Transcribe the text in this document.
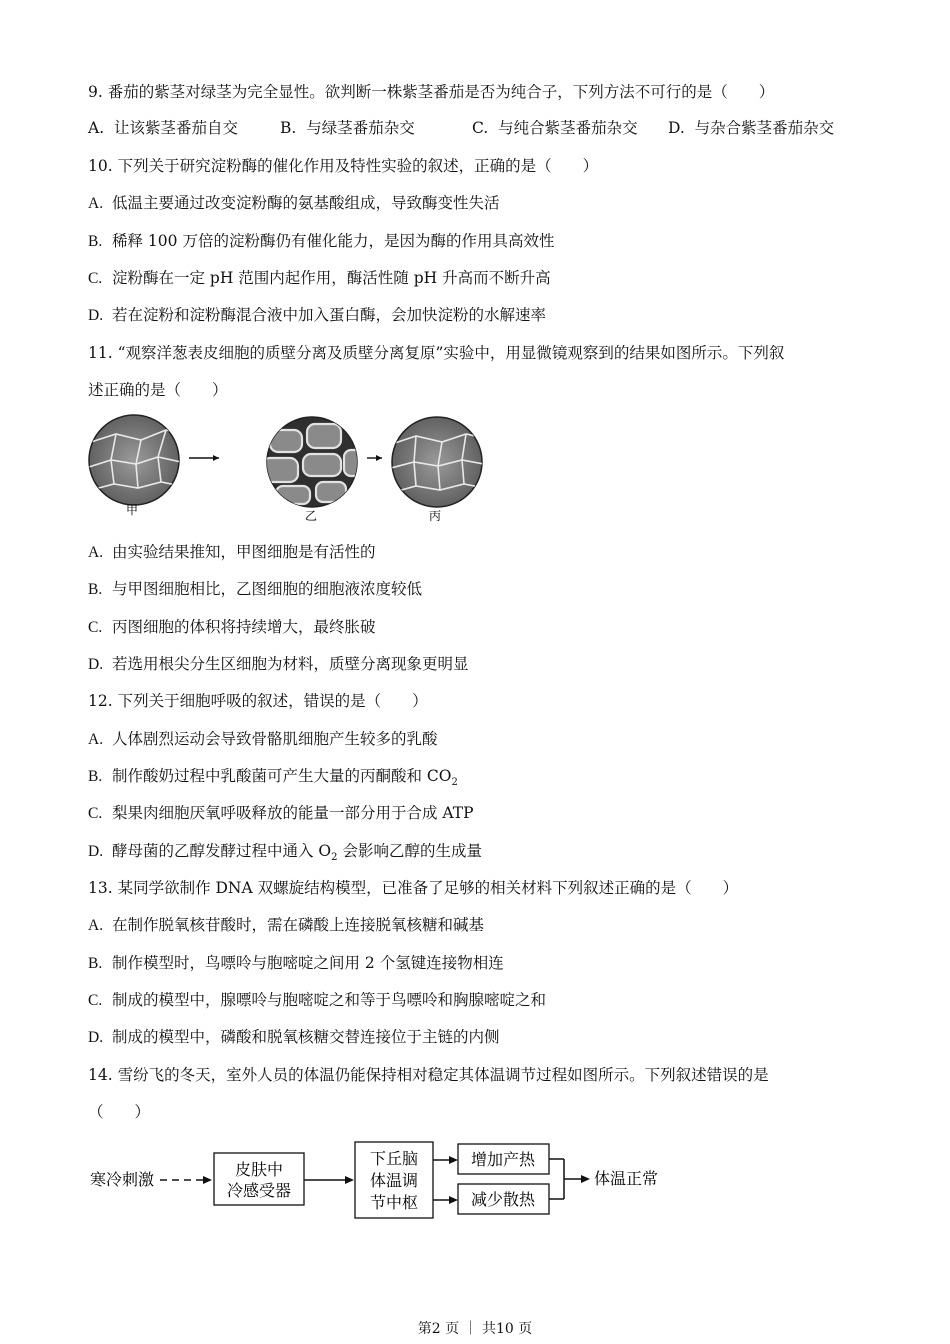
9. 番茄的紫茎对绿茎为完全显性。欲判断一株紫茎番茄是否为纯合子，下列方法不可行的是（　　）
A. 让该紫茎番茄自交	B. 与绿茎番茄杂交	C. 与纯合紫茎番茄杂交 D. 与杂合紫茎番茄杂交
10. 下列关于研究淀粉酶的催化作用及特性实验的叙述，正确的是（　　）
A. 低温主要通过改变淀粉酶的氨基酸组成，导致酶变性失活
B. 稀释 100 万倍的淀粉酶仍有催化能力，是因为酶的作用具高效性
C. 淀粉酶在一定 pH 范围内起作用，酶活性随 pH 升高而不断升高
D. 若在淀粉和淀粉酶混合液中加入蛋白酶，会加快淀粉的水解速率
11. “观察洋葱表皮细胞的质壁分离及质壁分离复原”实验中，用显微镜观察到的结果如图所示。下列叙
述正确的是（　　）
甲	乙	丙
A. 由实验结果推知，甲图细胞是有活性的
B. 与甲图细胞相比，乙图细胞的细胞液浓度较低
C. 丙图细胞的体积将持续增大，最终胀破
D. 若选用根尖分生区细胞为材料，质壁分离现象更明显
12. 下列关于细胞呼吸的叙述，错误的是（　　）
A. 人体剧烈运动会导致骨骼肌细胞产生较多的乳酸
B. 制作酸奶过程中乳酸菌可产生大量的丙酮酸和 $CO_2$
C. 梨果肉细胞厌氧呼吸释放的能量一部分用于合成 ATP
D. 酵母菌的乙醇发酵过程中通入 $O_2$ 会影响乙醇的生成量
13. 某同学欲制作 DNA 双螺旋结构模型，已准备了足够的相关材料下列叙述正确的是（　　）
A. 在制作脱氧核苷酸时，需在磷酸上连接脱氧核糖和碱基
B. 制作模型时，鸟嘌呤与胞嘧啶之间用 2 个氢键连接物相连
C. 制成的模型中，腺嘌呤与胞嘧啶之和等于鸟嘌呤和胸腺嘧啶之和
D. 制成的模型中，磷酸和脱氧核糖交替连接位于主链的内侧
14. 雪纷飞的冬天，室外人员的体温仍能保持相对稳定其体温调节过程如图所示。下列叙述错误的是
（　　）
寒冷刺激
皮肤中
冷感受器
下丘脑
体温调
节中枢
增加产热
减少散热
体温正常
第2 页 ｜ 共10 页
